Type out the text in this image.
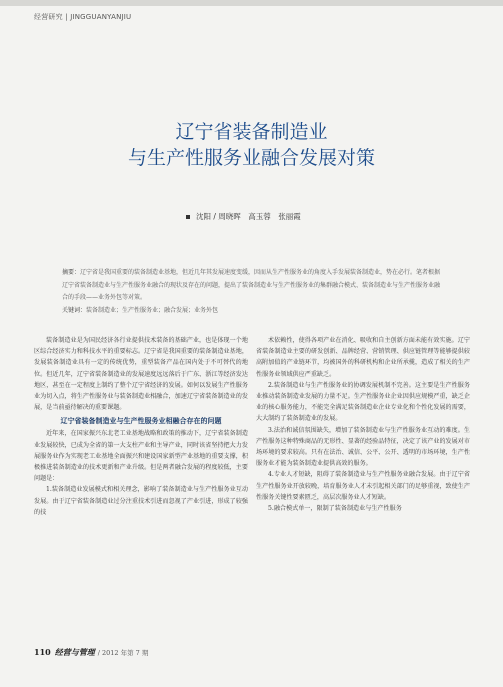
经营研究 | JINGGUANYANJIU
辽宁省装备制造业
与生产性服务业融合发展对策
沈阳 / 周晓晖　高玉蓉　张丽霞

摘要：辽宁省是我国重要的装备制造业基地，但近几年其发展速度变缓，因而从生产性服务业的角度入手发展装备制造业，势在必行。笔者根据辽宁省装备制造业与生产性服务业融合的现状及存在的问题，提出了装备制造业与生产性服务业的集群融合模式、装备制造业与生产性服务业融合的手段——业务外包等对策。

关键词：装备制造业；生产性服务业；融合发展；业务外包

装备制造业是为国民经济各行业提供技术装备的基础产业，也是体现一个地区综合经济实力和科技水平的重要标志。辽宁省是我国重要的装备制造业基地，发展装备制造业具有一定的传统优势，重型装备产品在国内处于不可替代的地位。但近几年，辽宁省装备制造业的发展速度远远落后于广东、浙江等经济发达地区，甚至在一定程度上制约了整个辽宁省经济的发展。如何以发展生产性服务业为切入点，将生产性服务业与装备制造业相融合，加速辽宁省装备制造业的发展，是当前亟待解决的重要课题。

辽宁省装备制造业与生产性服务业相融合存在的问题

近年来，在国家振兴东北老工业基地战略和政策的推动下，辽宁省装备制造业发展较快，已成为全省的第一大支柱产业和主导产业，同时该省坚持把大力发展服务业作为实现老工业基地全面振兴和建设国家新型产业基地的重要支撑，积极推进装备制造业的技术更新和产业升级。但是两者融合发展的程度较低，主要问题是：

1.装备制造业发展模式和相关理念，影响了装备制造业与生产性服务业互动发展。由于辽宁省装备制造业过分注重技术引进而忽视了产业引进，形成了较强的技

术依赖性，使得各项产业在消化、吸收和自主创新方面未能有效实施。辽宁省装备制造业主要的研发创新、品牌经营、营销管理、供应链管理等能够提供较高附加值的产业链环节，均被国外的科研机构和企业所承揽，造成了相关的生产性服务业领域供应严重缺乏。

2.装备制造业与生产性服务业的协调发展机制不完善。这主要是生产性服务业推动装备制造业发展的力量不足。生产性服务业企业因供应规模严重，缺乏企业的核心服务能力，不能完全满足装备制造业企业专业化和个性化发展的需要，大大制约了装备制造业的发展。

3.法治和诚信氛围缺失，增加了装备制造业与生产性服务业互动的难度。生产性服务这种特殊商品的无形性、显著的经验品特征，决定了该产业的发展对市场环境的要求较高。只有在法治、诚信、公平、公开、透明的市场环境，生产性服务业才能为装备制造业提供高效的服务。

4.专业人才短缺，阻碍了装备制造业与生产性服务业融合发展。由于辽宁省生产性服务业开放较晚，培育服务业人才未引起相关部门的足够重视，致使生产性服务关键性要素匮乏，高层次服务业人才短缺。

5.融合模式单一，限制了装备制造业与生产性服务

110 经营与管理 / 2012 年第 7 期
